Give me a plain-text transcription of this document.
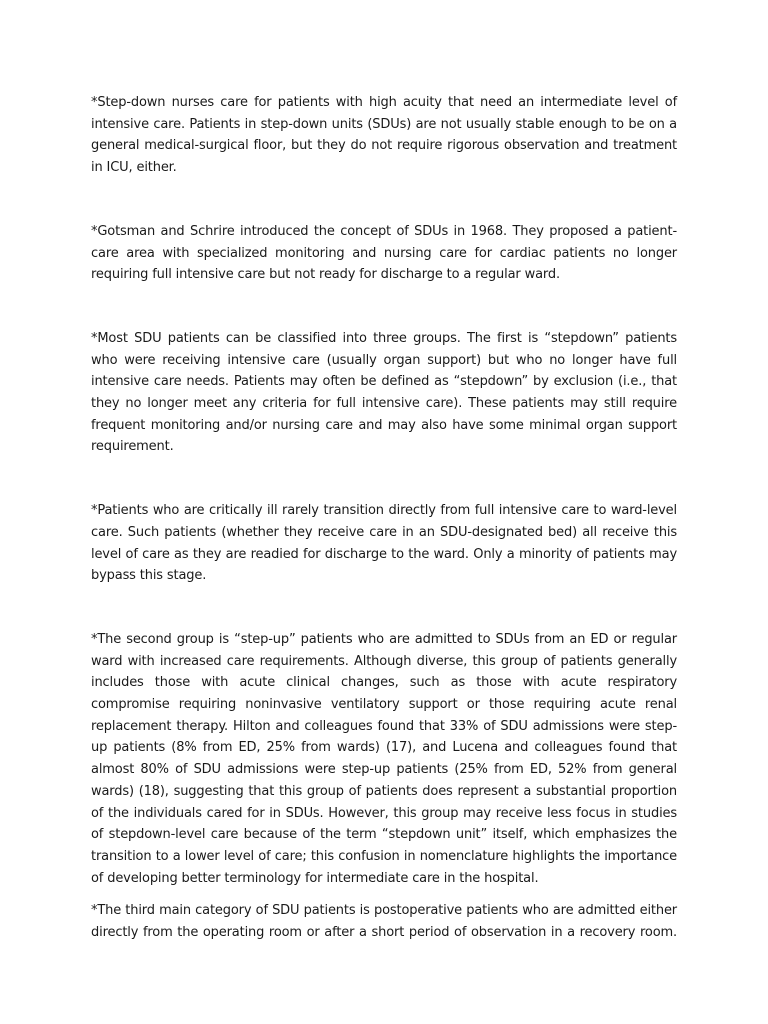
*Step-down nurses care for patients with high acuity that need an intermediate level of intensive care. Patients in step-down units (SDUs) are not usually stable enough to be on a general medical-surgical floor, but they do not require rigorous observation and treatment in ICU, either.

*Gotsman and Schrire introduced the concept of SDUs in 1968. They proposed a patient-care area with specialized monitoring and nursing care for cardiac patients no longer requiring full intensive care but not ready for discharge to a regular ward.

*Most SDU patients can be classified into three groups. The first is “stepdown” patients who were receiving intensive care (usually organ support) but who no longer have full intensive care needs. Patients may often be defined as “stepdown” by exclusion (i.e., that they no longer meet any criteria for full intensive care). These patients may still require frequent monitoring and/or nursing care and may also have some minimal organ support requirement.

*Patients who are critically ill rarely transition directly from full intensive care to ward-level care. Such patients (whether they receive care in an SDU-designated bed) all receive this level of care as they are readied for discharge to the ward. Only a minority of patients may bypass this stage.

*The second group is “step-up” patients who are admitted to SDUs from an ED or regular ward with increased care requirements. Although diverse, this group of patients generally includes those with acute clinical changes, such as those with acute respiratory compromise requiring noninvasive ventilatory support or those requiring acute renal replacement therapy. Hilton and colleagues found that 33% of SDU admissions were step-up patients (8% from ED, 25% from wards) (17), and Lucena and colleagues found that almost 80% of SDU admissions were step-up patients (25% from ED, 52% from general wards) (18), suggesting that this group of patients does represent a substantial proportion of the individuals cared for in SDUs. However, this group may receive less focus in studies of stepdown-level care because of the term “stepdown unit” itself, which emphasizes the transition to a lower level of care; this confusion in nomenclature highlights the importance of developing better terminology for intermediate care in the hospital.

*The third main category of SDU patients is postoperative patients who are admitted either directly from the operating room or after a short period of observation in a recovery room.
